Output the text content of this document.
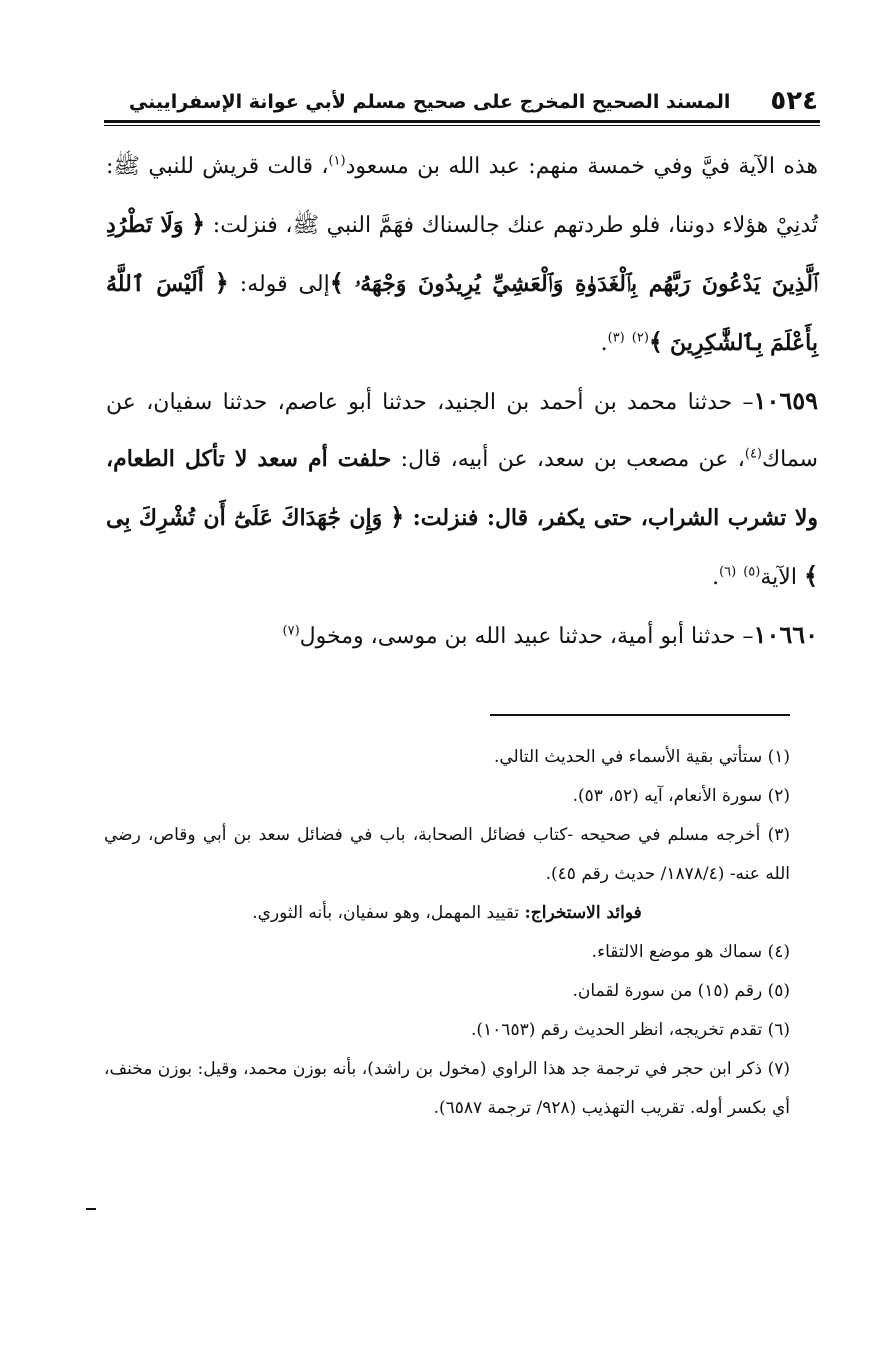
٥٢٤
المسند الصحيح المخرج على صحيح مسلم لأبي عوانة الإسفراييني

هذه الآية فيَّ وفي خمسة منهم: عبد الله بن مسعود$^{(١)}$، قالت قريش للنبي ﷺ: تُدنِيْ هؤلاء دوننا، فلو طردتهم عنك جالسناك فهَمَّ النبي ﷺ، فنزلت: ﴿ وَلَا تَطْرُدِ ٱلَّذِينَ يَدْعُونَ رَبَّهُم بِٱلْغَدَوٰةِ وَٱلْعَشِيِّ يُرِيدُونَ وَجْهَهُۥ ﴾إلى قوله: ﴿ أَلَيْسَ ٱللَّهُ بِأَعْلَمَ بِٱلشَّٰكِرِينَ ﴾$^{(٢)}$ $^{(٣)}$.

١٠٦٥٩– حدثنا محمد بن أحمد بن الجنيد، حدثنا أبو عاصم، حدثنا سفيان، عن سماك$^{(٤)}$، عن مصعب بن سعد، عن أبيه، قال: حلفت أم سعد لا تأكل الطعام، ولا تشرب الشراب، حتى يكفر، قال: فنزلت: ﴿ وَإِن جَٰهَدَاكَ عَلَىٰٓ أَن تُشْرِكَ بِى ﴾ الآية$^{(٥)}$ $^{(٦)}$.

١٠٦٦٠– حدثنا أبو أمية، حدثنا عبيد الله بن موسى، ومخول$^{(٧)}$

(١) ستأتي بقية الأسماء في الحديث التالي.

(٢) سورة الأنعام، آيه (٥٢، ٥٣).

(٣) أخرجه مسلم في صحيحه -كتاب فضائل الصحابة، باب في فضائل سعد بن أبي وقاص، رضي الله عنه- (١٨٧٨/٤/ حديث رقم ٤٥).

فوائد الاستخراج: تقييد المهمل، وهو سفيان، بأنه الثوري.

(٤) سماك هو موضع الالتقاء.

(٥) رقم (١٥) من سورة لقمان.

(٦) تقدم تخريجه، انظر الحديث رقم (١٠٦٥٣).

(٧) ذكر ابن حجر في ترجمة جد هذا الراوي (مخول بن راشد)، بأنه بوزن محمد، وقيل: بوزن مخنف، أي بكسر أوله. تقريب التهذيب (٩٢٨/ ترجمة ٦٥٨٧).
